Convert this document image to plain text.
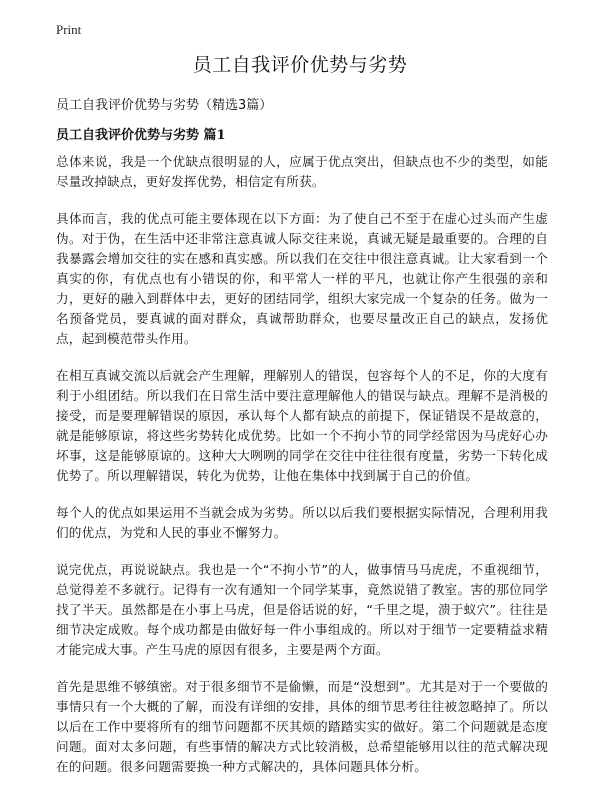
Print
员工自我评价优势与劣势
员工自我评价优势与劣势（精选3篇）
员工自我评价优势与劣势 篇1

总体来说，我是一个优缺点很明显的人，应属于优点突出，但缺点也不少的类型，如能尽量改掉缺点，更好发挥优势，相信定有所获。

具体而言，我的优点可能主要体现在以下方面：为了使自己不至于在虚心过头而产生虚伪。对于伪，在生活中还非常注意真诚人际交往来说，真诚无疑是最重要的。合理的自我暴露会增加交往的实在感和真实感。所以我们在交往中很注意真诚。让大家看到一个真实的你，有优点也有小错误的你，和平常人一样的平凡，也就让你产生很强的亲和力，更好的融入到群体中去，更好的团结同学，组织大家完成一个复杂的任务。做为一名预备党员，要真诚的面对群众，真诚帮助群众，也要尽量改正自己的缺点，发扬优点，起到模范带头作用。

在相互真诚交流以后就会产生理解，理解别人的错误，包容每个人的不足，你的大度有利于小组团结。所以我们在日常生活中要注意理解他人的错误与缺点。理解不是消极的接受，而是要理解错误的原因，承认每个人都有缺点的前提下，保证错误不是故意的，就是能够原谅，将这些劣势转化成优势。比如一个不拘小节的同学经常因为马虎好心办坏事，这是能够原谅的。这种大大咧咧的同学在交往中往往很有度量，劣势一下转化成优势了。所以理解错误，转化为优势，让他在集体中找到属于自己的价值。

每个人的优点如果运用不当就会成为劣势。所以以后我们要根据实际情况，合理利用我们的优点，为党和人民的事业不懈努力。

说完优点，再说说缺点。我也是一个“不拘小节”的人，做事情马马虎虎，不重视细节，总觉得差不多就行。记得有一次有通知一个同学某事，竟然说错了教室。害的那位同学找了半天。虽然都是在小事上马虎，但是俗话说的好，“千里之堤，溃于蚁穴”。往往是细节决定成败。每个成功都是由做好每一件小事组成的。所以对于细节一定要精益求精才能完成大事。产生马虎的原因有很多，主要是两个方面。

首先是思维不够缜密。对于很多细节不是偷懒，而是“没想到”。尤其是对于一个要做的事情只有一个大概的了解，而没有详细的安排，具体的细节思考往往被忽略掉了。所以以后在工作中要将所有的细节问题都不厌其烦的踏踏实实的做好。第二个问题就是态度问题。面对太多问题，有些事情的解决方式比较消极，总希望能够用以往的范式解决现在的问题。很多问题需要换一种方式解决的，具体问题具体分析。
